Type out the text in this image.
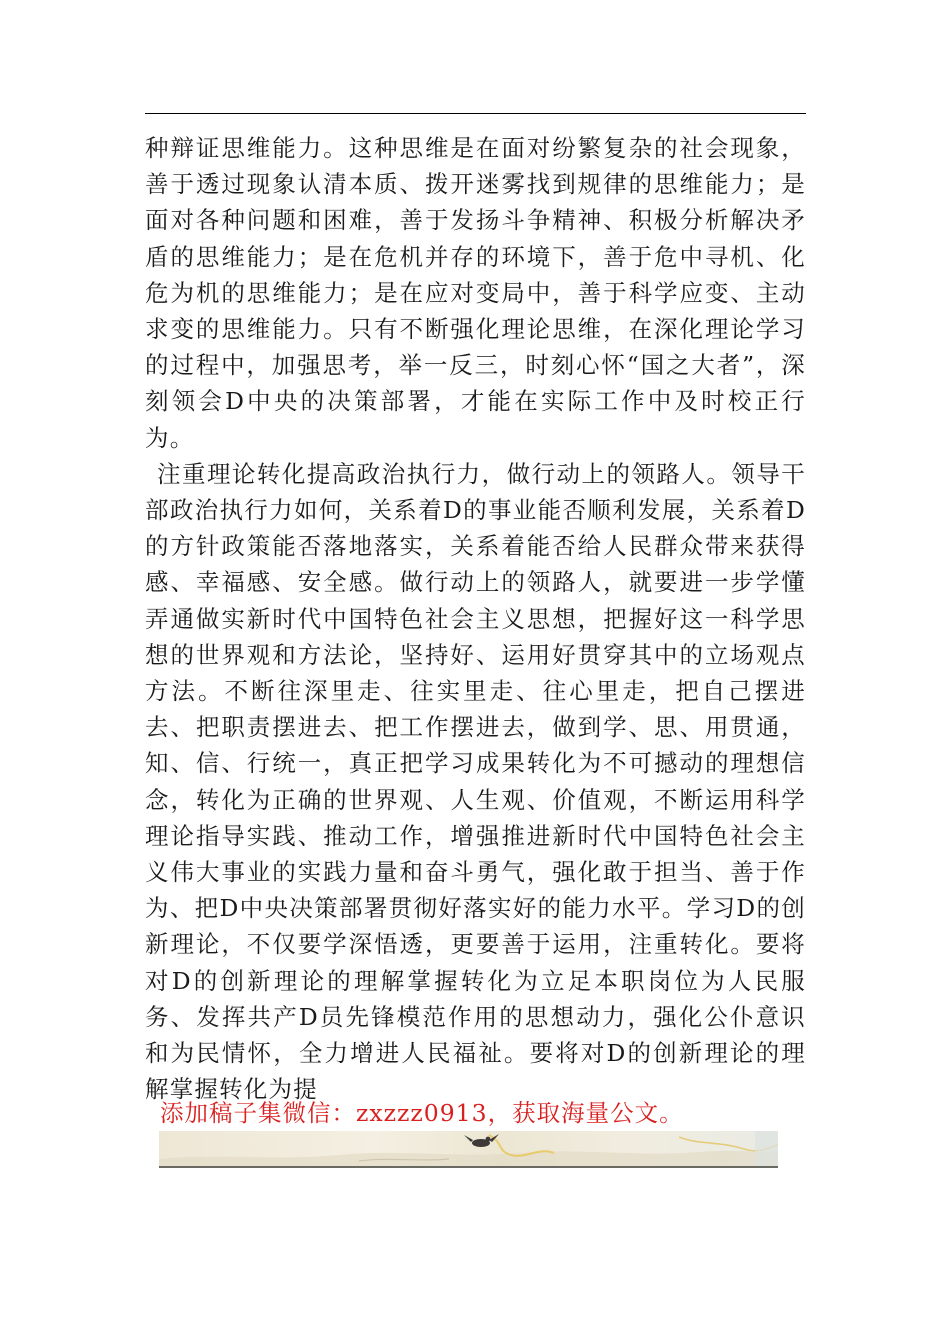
种辩证思维能力。这种思维是在面对纷繁复杂的社会现象，善于透过现象认清本质、拨开迷雾找到规律的思维能力；是面对各种问题和困难，善于发扬斗争精神、积极分析解决矛盾的思维能力；是在危机并存的环境下，善于危中寻机、化危为机的思维能力；是在应对变局中，善于科学应变、主动求变的思维能力。只有不断强化理论思维，在深化理论学习的过程中，加强思考，举一反三，时刻心怀“国之大者”，深刻领会D中央的决策部署，才能在实际工作中及时校正行为。

注重理论转化提高政治执行力，做行动上的领路人。领导干部政治执行力如何，关系着D的事业能否顺利发展，关系着D的方针政策能否落地落实，关系着能否给人民群众带来获得感、幸福感、安全感。做行动上的领路人，就要进一步学懂弄通做实新时代中国特色社会主义思想，把握好这一科学思想的世界观和方法论，坚持好、运用好贯穿其中的立场观点方法。不断往深里走、往实里走、往心里走，把自己摆进去、把职责摆进去、把工作摆进去，做到学、思、用贯通，知、信、行统一，真正把学习成果转化为不可撼动的理想信念，转化为正确的世界观、人生观、价值观，不断运用科学理论指导实践、推动工作，增强推进新时代中国特色社会主义伟大事业的实践力量和奋斗勇气，强化敢于担当、善于作为、把D中央决策部署贯彻好落实好的能力水平。学习D的创新理论，不仅要学深悟透，更要善于运用，注重转化。要将对D的创新理论的理解掌握转化为立足本职岗位为人民服务、发挥共产D员先锋模范作用的思想动力，强化公仆意识和为民情怀，全力增进人民福祉。要将对D的创新理论的理解掌握转化为提

添加稿子集微信：zxzzz0913，获取海量公文。
